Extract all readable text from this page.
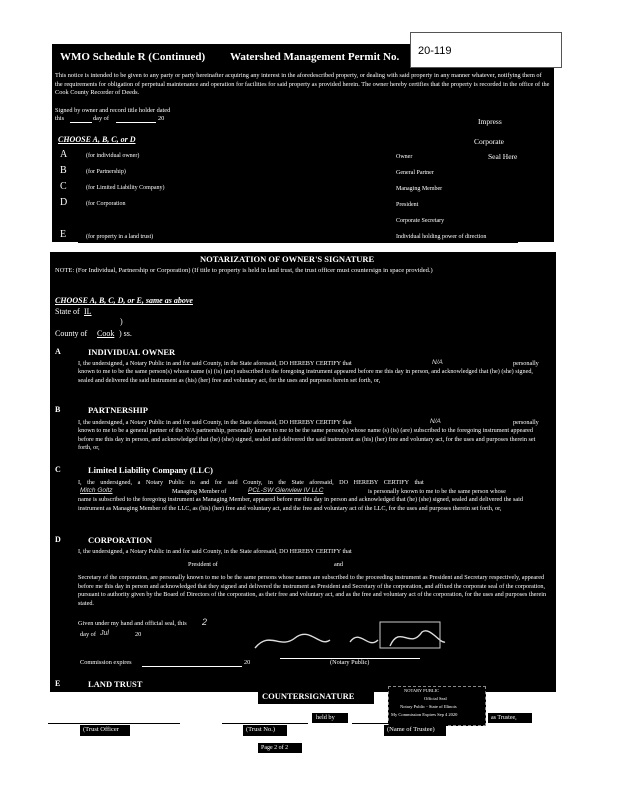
20-119
WMO Schedule R (Continued) Watershed Management Permit No.
This notice is intended to be given to any party or party hereinafter acquiring any interest in the aforedescribed property, or dealing with said property in any manner whatever, notifying them of the requirements for obligation of perpetual maintenance and operation for facilities for said property as provided herein. The owner hereby certifies that the property is recorded in the office of the Cook County Recorder of Deeds.
Signed by owner and record title holder dated
this	day of	20	Impress
Corporate
Seal Here
CHOOSE A, B, C, or D
A	(for individual owner)	Owner
B	(for Partnership)	General Partner
C	(for Limited Liability Company)	Managing Member
D	(for Corporation	President
Corporate Secretary
E	(for property in a land trust)	Individual holding power of direction
NOTARIZATION OF OWNER'S SIGNATURE
NOTE: (For Individual, Partnership or Corporation) (If title to property is held in land trust, the trust officer must countersign in space provided.)
CHOOSE A, B, C, D, or E, same as above
State of IL
)
County of Cook ) ss.
A	INDIVIDUAL OWNER
I, the undersigned, a Notary Public in and for said County, in the State aforesaid, DO HEREBY CERTIFY that	N/A	personally
known to me to be the same person(s) whose name (s) (is) (are) subscribed to the foregoing instrument appeared before me this day in person, and acknowledged that (he) (she) signed, sealed and delivered the said instrument as (his) (her) free and voluntary act, for the uses and purposes herein set forth, or,
B	PARTNERSHIP
I, the undersigned, a Notary Public in and for said County, in the State aforesaid, DO HEREBY CERTIFY that	N/A	personally
known to me to be a general partner of the N/A partnership, personally known to me to be the same person(s) whose name (s) (is) (are) subscribed to the foregoing instrument appeared before me this day in person, and acknowledged that (he) (she) signed, sealed and delivered the said instrument as (his) (her) free and voluntary act, for the uses and purposes therein set forth, or,
C	Limited Liability Company (LLC)
I, the undersigned, a Notary Public in and for said County, in the State aforesaid, DO HEREBY CERTIFY that
Mitch Goltz	Managing Member of	PCL-SW Glenview IV LLC	is personally known to me to be the same person whose
name is subscribed to the foregoing instrument as Managing Member, appeared before me this day in person and acknowledged that (he) (she) signed, sealed and delivered the said instrument as Managing Member of the LLC, as (his) (her) free and voluntary act, and the free and voluntary act of the LLC, for the uses and purposes therein set forth, or,
D	CORPORATION
I, the undersigned, a Notary Public in and for said County, in the State aforesaid, DO HEREBY CERTIFY that
President of	and
Secretary of the corporation, are personally known to me to be the same persons whose names are subscribed to the proceeding instrument as President and Secretary respectively, appeared before me this day in person and acknowledged that they signed and delivered the instrument as President and Secretary of the corporation, and affixed the corporate seal of the corporation, pursuant to authority given by the Board of Directors of the corporation, as their free and voluntary act, and as the free and voluntary act of the corporation, for the uses and purposes therein stated.
Given under my hand and official seal, this 2
day of Jul	20
Commission expires	20	(Notary Public)
E	LAND TRUST
COUNTERSIGNATURE
NOTARY PUBLIC
Official Seal
Notary Public - State of Illinois
My Commission Expires Sep 4 2020
held by	as Trustee,
(Trust Officer	(Trust No.)	(Name of Trustee)
Page 2 of 2
